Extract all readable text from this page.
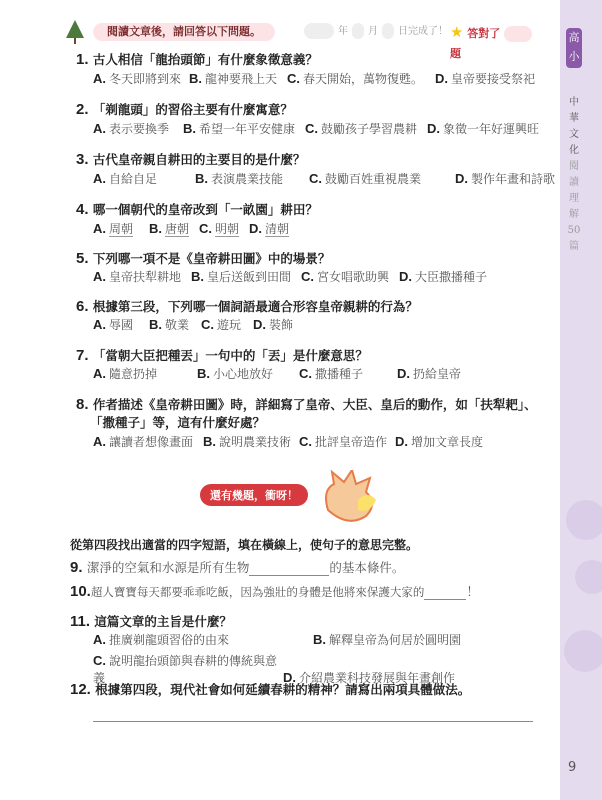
高
小
中
華
文
化
閱
讀
理
解
50
篇
9
閱讀文章後，請回答以下問題。	年 月 日完成了！ ★ 答對了題
1. 古人相信「龍抬頭節」有什麼象徵意義？
A. 冬天即將到來 B. 龍神要飛上天 C. 春天開始，萬物復甦。 D. 皇帝要接受祭祀
2. 「剃龍頭」的習俗主要有什麼寓意？
A. 表示要換季 B. 希望一年平安健康 C. 鼓勵孩子學習農耕 D. 象徵一年好運興旺
3. 古代皇帝親自耕田的主要目的是什麼？
A. 自給自足	B. 表演農業技能 C. 鼓勵百姓重視農業	D. 製作年畫和詩歌
4. 哪一個朝代的皇帝改到「一畝園」耕田？
A. 周朝 B. 唐朝 C. 明朝 D. 清朝
5. 下列哪一項不是《皇帝耕田圖》中的場景？
A. 皇帝扶犁耕地 B. 皇后送飯到田間 C. 宮女唱歌助興 D. 大臣撒播種子
6. 根據第三段，下列哪一個詞語最適合形容皇帝親耕的行為？
A. 辱國 B. 敬業 C. 遊玩 D. 裝飾
7. 「當朝大臣把種丟」一句中的「丟」是什麼意思？
A. 隨意扔掉	B. 小心地放好 C. 撒播種子	D. 扔給皇帝
8. 作者描述《皇帝耕田圖》時，詳細寫了皇帝、大臣、皇后的動作，如「扶犁耙」、
「撒種子」等，這有什麼好處？
A. 讓讀者想像畫面 B. 說明農業技術 C. 批評皇帝造作 D. 增加文章長度
還有幾題，衝呀！
從第四段找出適當的四字短語，填在橫線上，使句子的意思完整。
9. 潔淨的空氣和水源是所有生物	的基本條件。
10.超人寶寶每天都要乖乖吃飯，因為強壯的身體是他將來保護大家的	！
11. 這篇文章的主旨是什麼？
A. 推廣剃龍頭習俗的由來	B. 解釋皇帝為何居於圓明園
C. 說明龍抬頭節與春耕的傳統與意義	D. 介紹農業科技發展與年畫創作
12. 根據第四段，現代社會如何延續春耕的精神？請寫出兩項具體做法。
